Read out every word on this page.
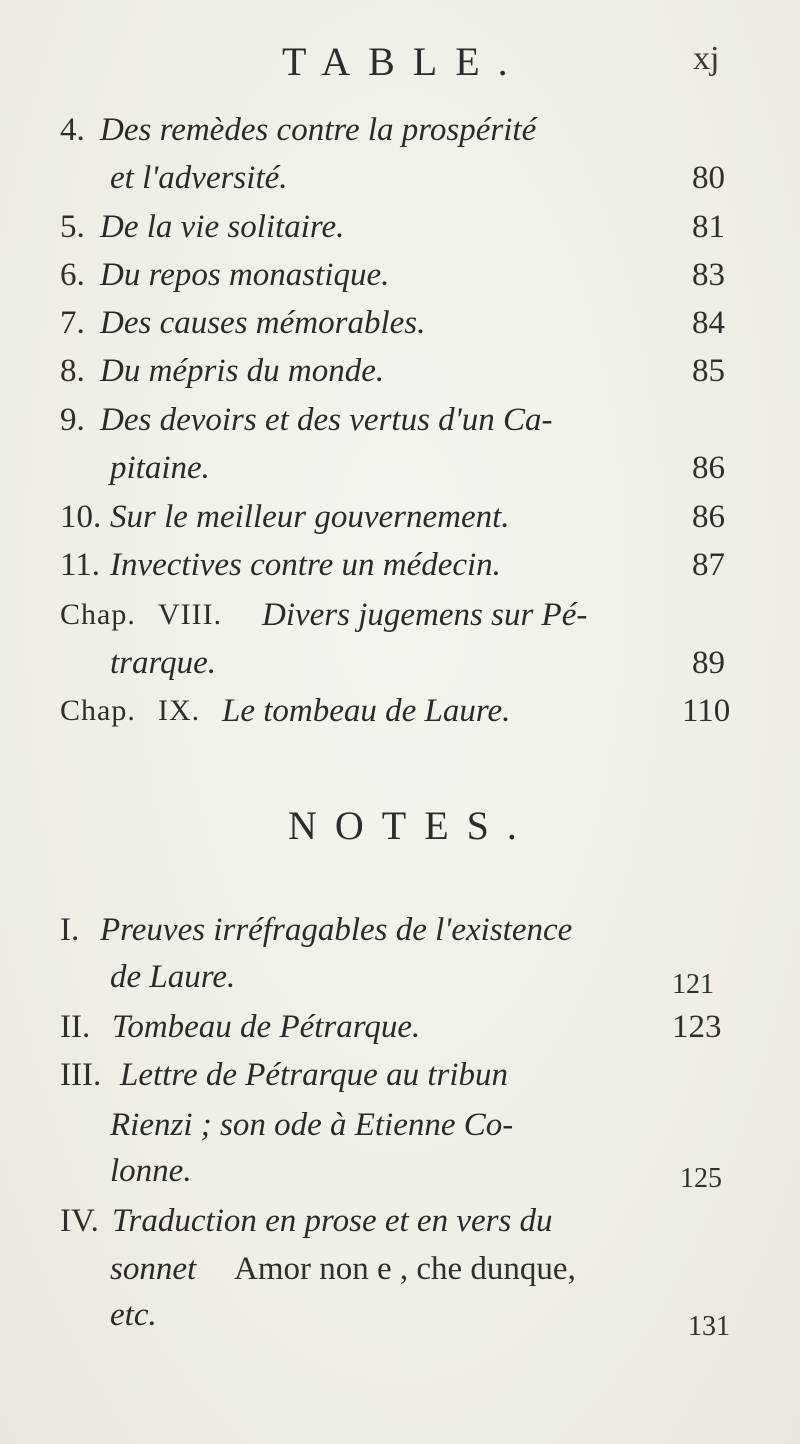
TABLE.	xj
4. Des remèdes contre la prospérité
et l'adversité.	80
5. De la vie solitaire.	81
6. Du repos monastique.	83
7. Des causes mémorables.	84
8. Du mépris du monde.	85
9. Des devoirs et des vertus d'un Ca-
pitaine.	86
10. Sur le meilleur gouvernement.	86
11. Invectives contre un médecin.	87
Chap. VIII. Divers jugemens sur Pé-
trarque.	89
Chap. IX. Le tombeau de Laure.	110
NOTES.
I. Preuves irréfragables de l'existence
de Laure.	121
II. Tombeau de Pétrarque.	123
III. Lettre de Pétrarque au tribun
Rienzi ; son ode à Etienne Co-
lonne.	125
IV. Traduction en prose et en vers du
sonnet Amor non e , che dunque,
etc.	131
